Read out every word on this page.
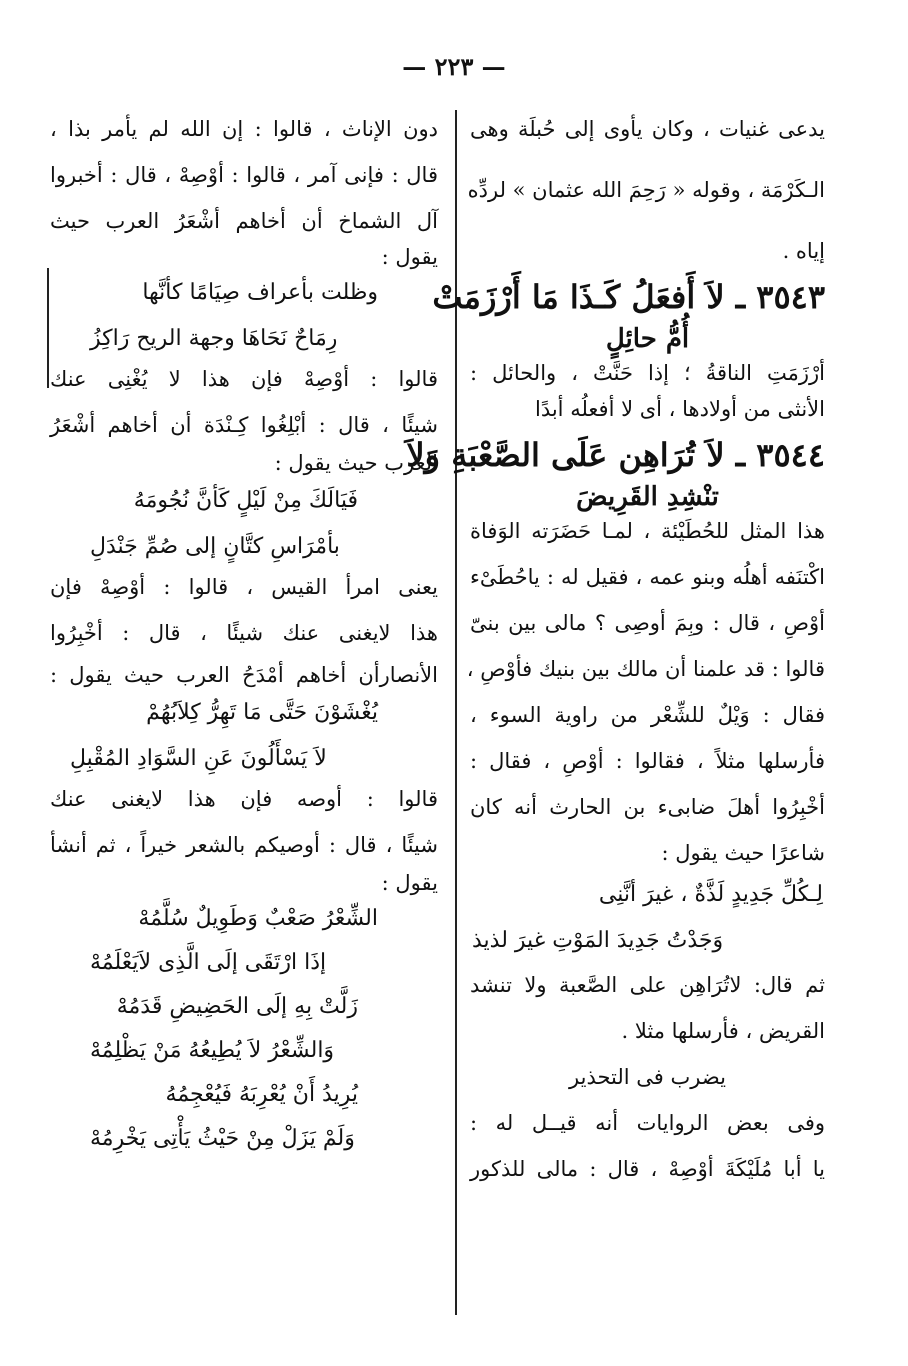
— ٢٢٣ —
يدعى غنيات ، وكان يأوى إلى حُبلَة وهى
الـكَرْمَة ، وقوله « رَحِمَ الله عثمان » لردِّه
إياه .
٣٥٤٣ ـ لاَ أَفعَلُ كَـذَا مَا أَرْزَمَتْ
أُمُّ حائِلٍ
أرْزَمَتِ الناقةُ ؛ إذا حَنَّتْ ، والحائل :
الأنثى من أولادها ، أى لا أفعلُه أبدًا
٣٥٤٤ ـ لاَ تُرَاهِن عَلَى الصَّعْبَةِ وَلاَ
تنْشِدِ القَرِيضَ
هذا المثل للحُطَيْئة ، لمـا حَضَرَته الوَفاة
اكْتنَفه أهلُه وبنو عمه ، فقيل له : ياحُطَىْء
أوْصِ ، قال : وبِمَ أوصِى ؟ مالى بين بنىّ
قالوا : قد علمنا أن مالك بين بنيك فأوْصِ ،
فقال : وَيْلٌ للشِّعْر من راوية السوء ،
فأرسلها مثلاً ، فقالوا : أوْصِ ، فقال :
أخْبِرُوا أهلَ ضابىء بن الحارث أنه كان
شاعرًا حيث يقول :
لِـكُلِّ جَدِيدٍ لَذَّةٌ ، غيرَ أنَّنِى
وَجَدْتُ جَدِيدَ المَوْتِ غيرَ لذيذ
ثم قال: لاتُرَاهِن على الصَّعبة ولا تنشد
القريض ، فأرسلها مثلا .
يضرب فى التحذير
وفى بعض الروايات أنه قيــل له :
يا أبا مُلَيْكَةَ أوْصِهْ ، قال : مالى للذكور
دون الإناث ، قالوا : إن الله لم يأمر بذا ،
قال : فإنى آمر ، قالوا : أوْصِهْ ، قال : أخبروا
آل الشماخ أن أخاهم أشْعَرُ العرب حيث
يقول :
وظلت بأعراف صِيَامًا كأنَّها
رِمَاحٌ نَحَاهَا وجهة الريح رَاكِزُ
قالوا : أوْصِهْ فإن هذا لا يُغْنِى عنك
شيئًا ، قال : أبْلِغُوا كِـنْدَة أن أخاهم أشْعَرُ
العرب حيث يقول :
فَيَالَكَ مِنْ لَيْلٍ كَأنَّ نُجُومَهُ
بأمْرَاسِ كتَّانٍ إلى صُمِّ جَنْدَلِ
يعنى امرأ القيس ، قالوا : أوْصِهْ فإن
هذا لايغنى عنك شيئًا ، قال : أخْبِرُوا
الأنصارأن أخاهم أمْدَحُ العرب حيث يقول :
يُغْشَوْنَ حَتَّى مَا تَهِرُّ كِلاَبُهُمْ
لاَ يَسْأَلُونَ عَنِ السَّوَادِ المُقْبِلِ
قالوا : أوصه فإن هذا لايغنى عنك
شيئًا ، قال : أوصيكم بالشعر خيراً ، ثم أنشأ
يقول :
الشِّعْرُ صَعْبٌ وَطَوِيلٌ سُلَّمُهْ
إذَا ارْتَقَى إلَى الَّذِى لاَيَعْلَمُهْ
زَلَّتْ بِهِ إلَى الحَضِيضِ قَدَمُهْ
وَالشِّعْرُ لاَ يُطِيعُهُ مَنْ يَظْلِمُهْ
يُرِيدُ أَنْ يُعْرِبَهُ فَيُعْجِمُهُ
وَلَمْ يَزَلْ مِنْ حَيْثُ يَأْتِى يَخْرِمُهْ
